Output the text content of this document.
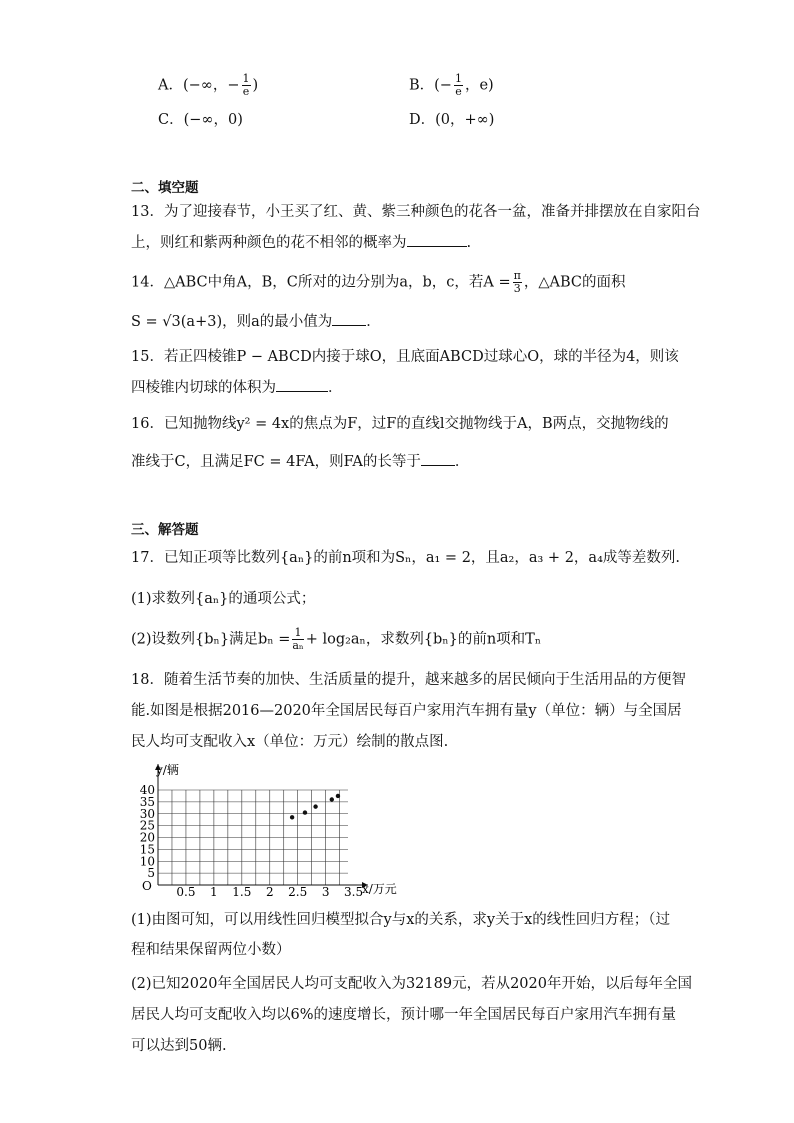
A．(−∞，− $\frac{1}{e}$ )	B．(− $\frac{1}{e}$ ，e)
C．(−∞，0)	D．(0，+∞)
二、填空题
13．为了迎接春节，小王买了红、黄、紫三种颜色的花各一盆，准备并排摆放在自家阳台
上，则红和紫两种颜色的花不相邻的概率为	.
14．△ABC中角A，B，C所对的边分别为a，b，c，若$A = \frac{\pi}{3}$ ，△ABC的面积
S = √3(a+3)，则a的最小值为 ．
15．若正四棱锥P − ABCD内接于球O，且底面ABCD过球心O，球的半径为4，则该
四棱锥内切球的体积为	．
16．已知抛物线y² = 4x的焦点为F，过F的直线l交抛物线于A，B两点，交抛物线的
准线于C，且满足FC = 4FA，则FA的长等于 ．
三、解答题
17．已知正项等比数列{aₙ}的前n项和为Sₙ，a₁ = 2，且a₂，a₃ + 2，a₄成等差数列.
(1)求数列{aₙ}的通项公式；
(2)设数列{bₙ}满足$b_n = \frac{1}{\text{aₙ}} + \log_2a_n$，求数列{bₙ}的前n项和Tₙ
18．随着生活节奏的加快、生活质量的提升，越来越多的居民倾向于生活用品的方便智
能.如图是根据2016—2020年全国居民每百户家用汽车拥有量y（单位：辆）与全国居
民人均可支配收入x（单位：万元）绘制的散点图.
0.5 1 1.5 2 2.5 3 3.5
5
10
15
20
25
30
35
40
y/辆
x/万元
O
(1)由图可知，可以用线性回归模型拟合y与x的关系，求y关于x的线性回归方程；（过
程和结果保留两位小数）
(2)已知2020年全国居民人均可支配收入为32189元，若从2020年开始，以后每年全国
居民人均可支配收入均以6%的速度增长，预计哪一年全国居民每百户家用汽车拥有量
可以达到50辆.
